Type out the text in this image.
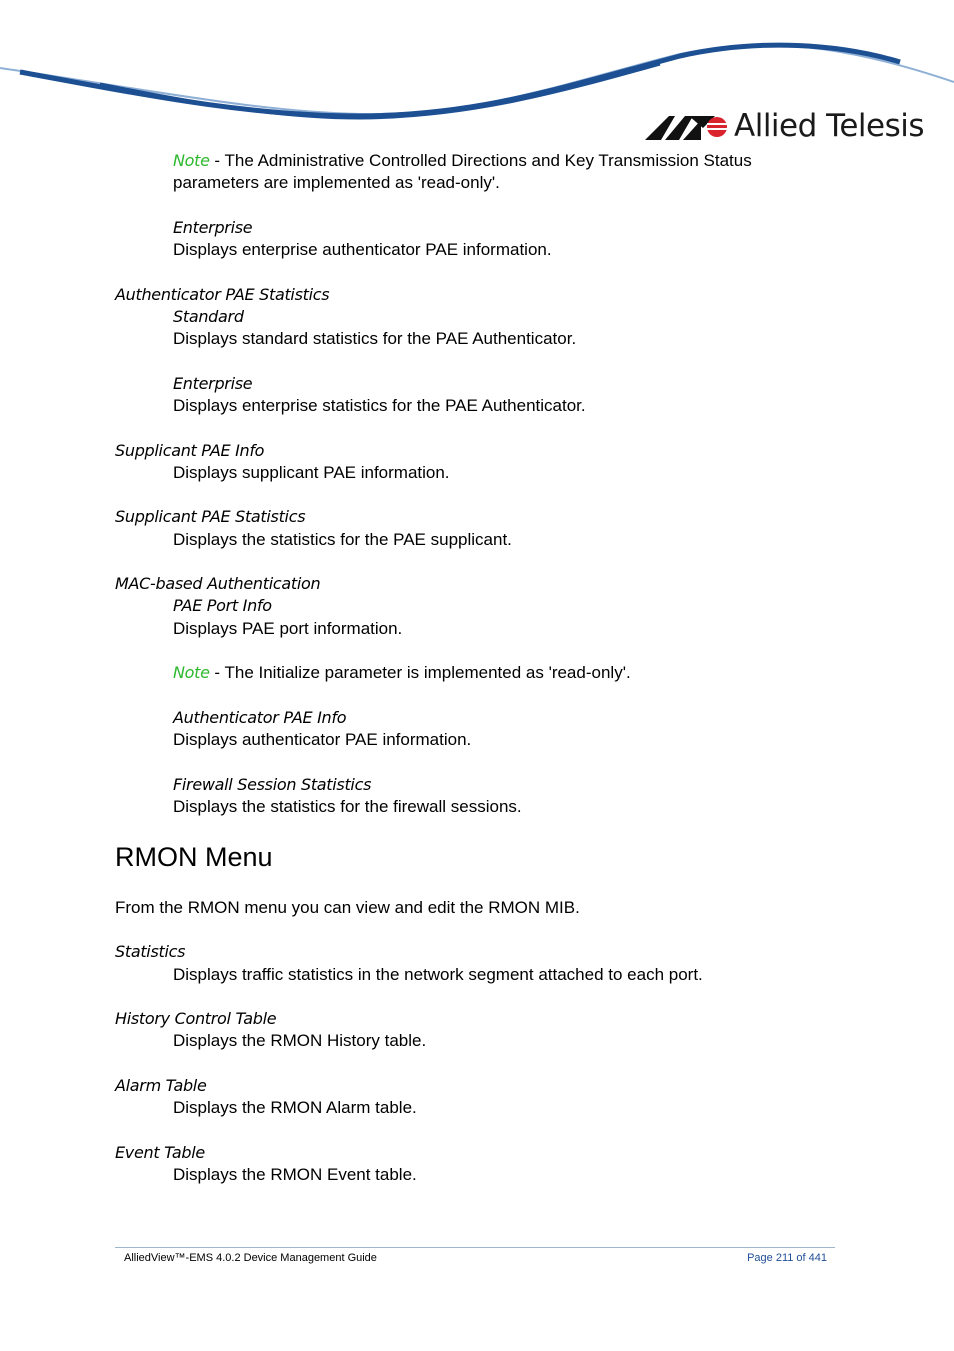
Allied Telesis
Note - The Administrative Controlled Directions and Key Transmission Status
parameters are implemented as 'read-only'.
Enterprise
Displays enterprise authenticator PAE information.
Authenticator PAE Statistics
Standard
Displays standard statistics for the PAE Authenticator.
Enterprise
Displays enterprise statistics for the PAE Authenticator.
Supplicant PAE Info
Displays supplicant PAE information.
Supplicant PAE Statistics
Displays the statistics for the PAE supplicant.
MAC-based Authentication
PAE Port Info
Displays PAE port information.
Note - The Initialize parameter is implemented as 'read-only'.
Authenticator PAE Info
Displays authenticator PAE information.
Firewall Session Statistics
Displays the statistics for the firewall sessions.
RMON Menu
From the RMON menu you can view and edit the RMON MIB.
Statistics
Displays traffic statistics in the network segment attached to each port.
History Control Table
Displays the RMON History table.
Alarm Table
Displays the RMON Alarm table.
Event Table
Displays the RMON Event table.
AlliedView™-EMS 4.0.2 Device Management Guide	Page 211 of 441
